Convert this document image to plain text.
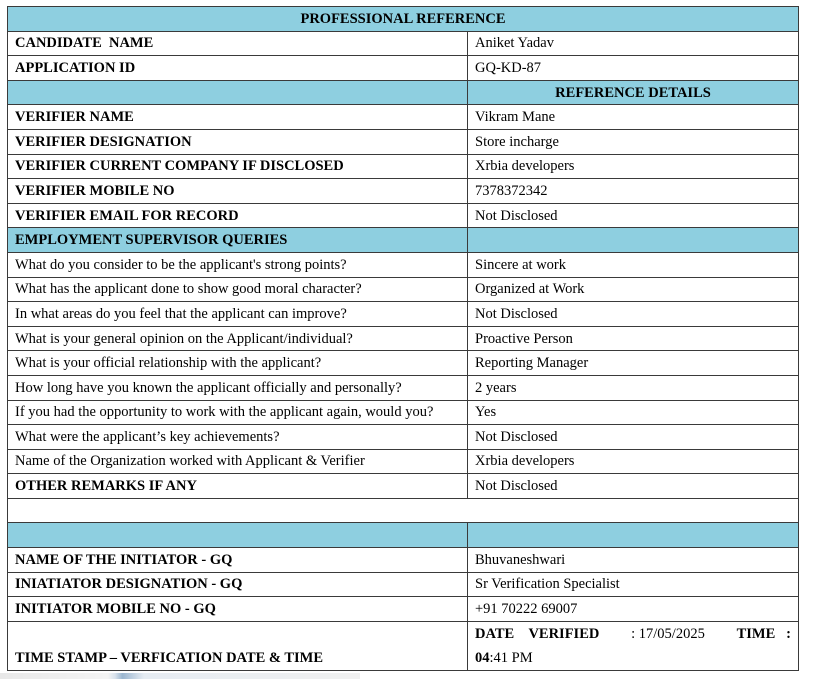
PROFESSIONAL REFERENCE	
CANDIDATE  NAME	Aniket Yadav
APPLICATION ID	GQ-KD-87
	REFERENCE DETAILS
VERIFIER NAME	Vikram Mane
VERIFIER DESIGNATION	Store incharge
VERIFIER CURRENT COMPANY IF DISCLOSED	Xrbia developers
VERIFIER MOBILE NO	7378372342
VERIFIER EMAIL FOR RECORD	Not Disclosed
EMPLOYMENT SUPERVISOR QUERIES	
What do you consider to be the applicant's strong points?	Sincere at work
What has the applicant done to show good moral character?	Organized at Work
In what areas do you feel that the applicant can improve?	Not Disclosed
What is your general opinion on the Applicant/individual?	Proactive Person
What is your official relationship with the applicant?	Reporting Manager
How long have you known the applicant officially and personally?	2 years
If you had the opportunity to work with the applicant again, would you?	Yes
What were the applicant’s key achievements?	Not Disclosed
Name of the Organization worked with Applicant & Verifier	Xrbia developers
OTHER REMARKS IF ANY	Not Disclosed

NAME OF THE INITIATOR - GQ	Bhuvaneshwari
INIATIATOR DESIGNATION - GQ	Sr Verification Specialist
INITIATOR MOBILE NO - GQ	+91 70222 69007
TIME STAMP – VERFICATION DATE & TIME	DATE    VERIFIED : 17/05/2025 TIME   :
04:41 PM
